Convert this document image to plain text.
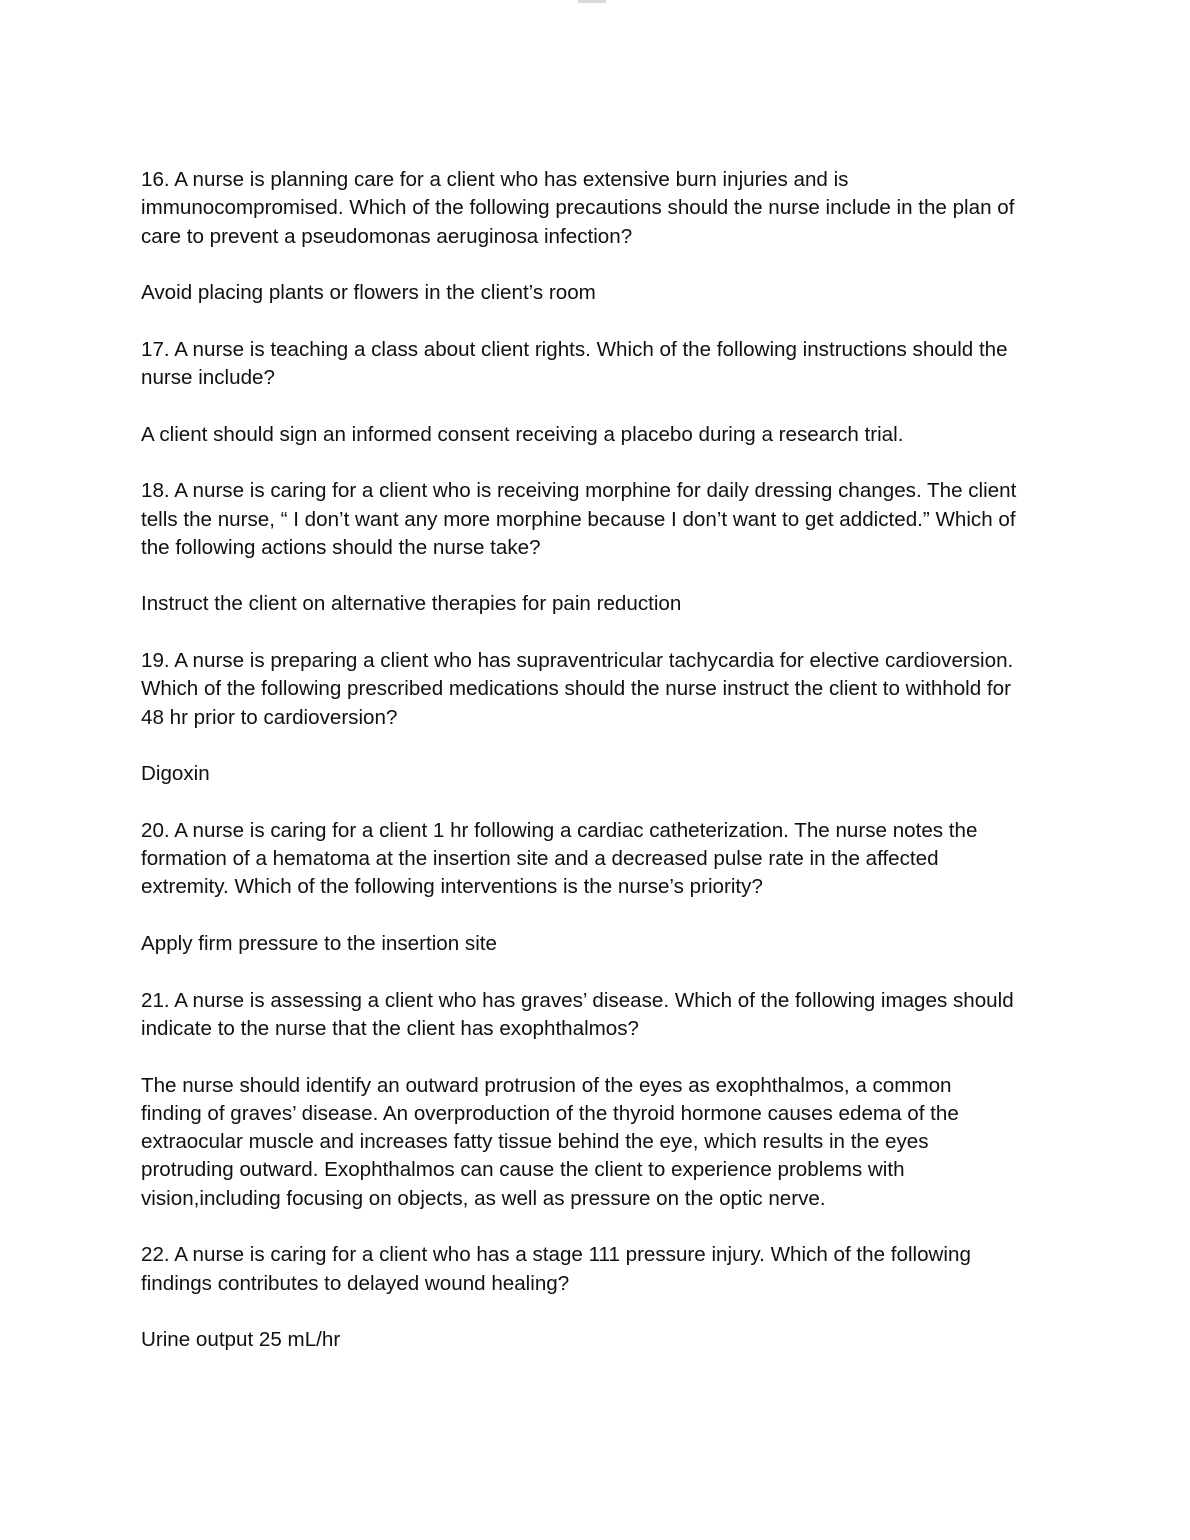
16. A nurse is planning care for a client who has extensive burn injuries and is
immunocompromised. Which of the following precautions should the nurse include in the plan of
care to prevent a pseudomonas aeruginosa infection?

Avoid placing plants or flowers in the client’s room

17. A nurse is teaching a class about client rights. Which of the following instructions should the
nurse include?

A client should sign an informed consent receiving a placebo during a research trial.

18. A nurse is caring for a client who is receiving morphine for daily dressing changes. The client
tells the nurse, “ I don’t want any more morphine because I don’t want to get addicted.” Which of
the following actions should the nurse take?

Instruct the client on alternative therapies for pain reduction

19. A nurse is preparing a client who has supraventricular tachycardia for elective cardioversion.
Which of the following prescribed medications should the nurse instruct the client to withhold for
48 hr prior to cardioversion?

Digoxin

20. A nurse is caring for a client 1 hr following a cardiac catheterization. The nurse notes the
formation of a hematoma at the insertion site and a decreased pulse rate in the affected
extremity. Which of the following interventions is the nurse’s priority?

Apply firm pressure to the insertion site

21. A nurse is assessing a client who has graves’ disease. Which of the following images should
indicate to the nurse that the client has exophthalmos?

The nurse should identify an outward protrusion of the eyes as exophthalmos, a common
finding of graves’ disease. An overproduction of the thyroid hormone causes edema of the
extraocular muscle and increases fatty tissue behind the eye, which results in the eyes
protruding outward. Exophthalmos can cause the client to experience problems with
vision,including focusing on objects, as well as pressure on the optic nerve.

22. A nurse is caring for a client who has a stage 111 pressure injury. Which of the following
findings contributes to delayed wound healing?

Urine output 25 mL/hr
